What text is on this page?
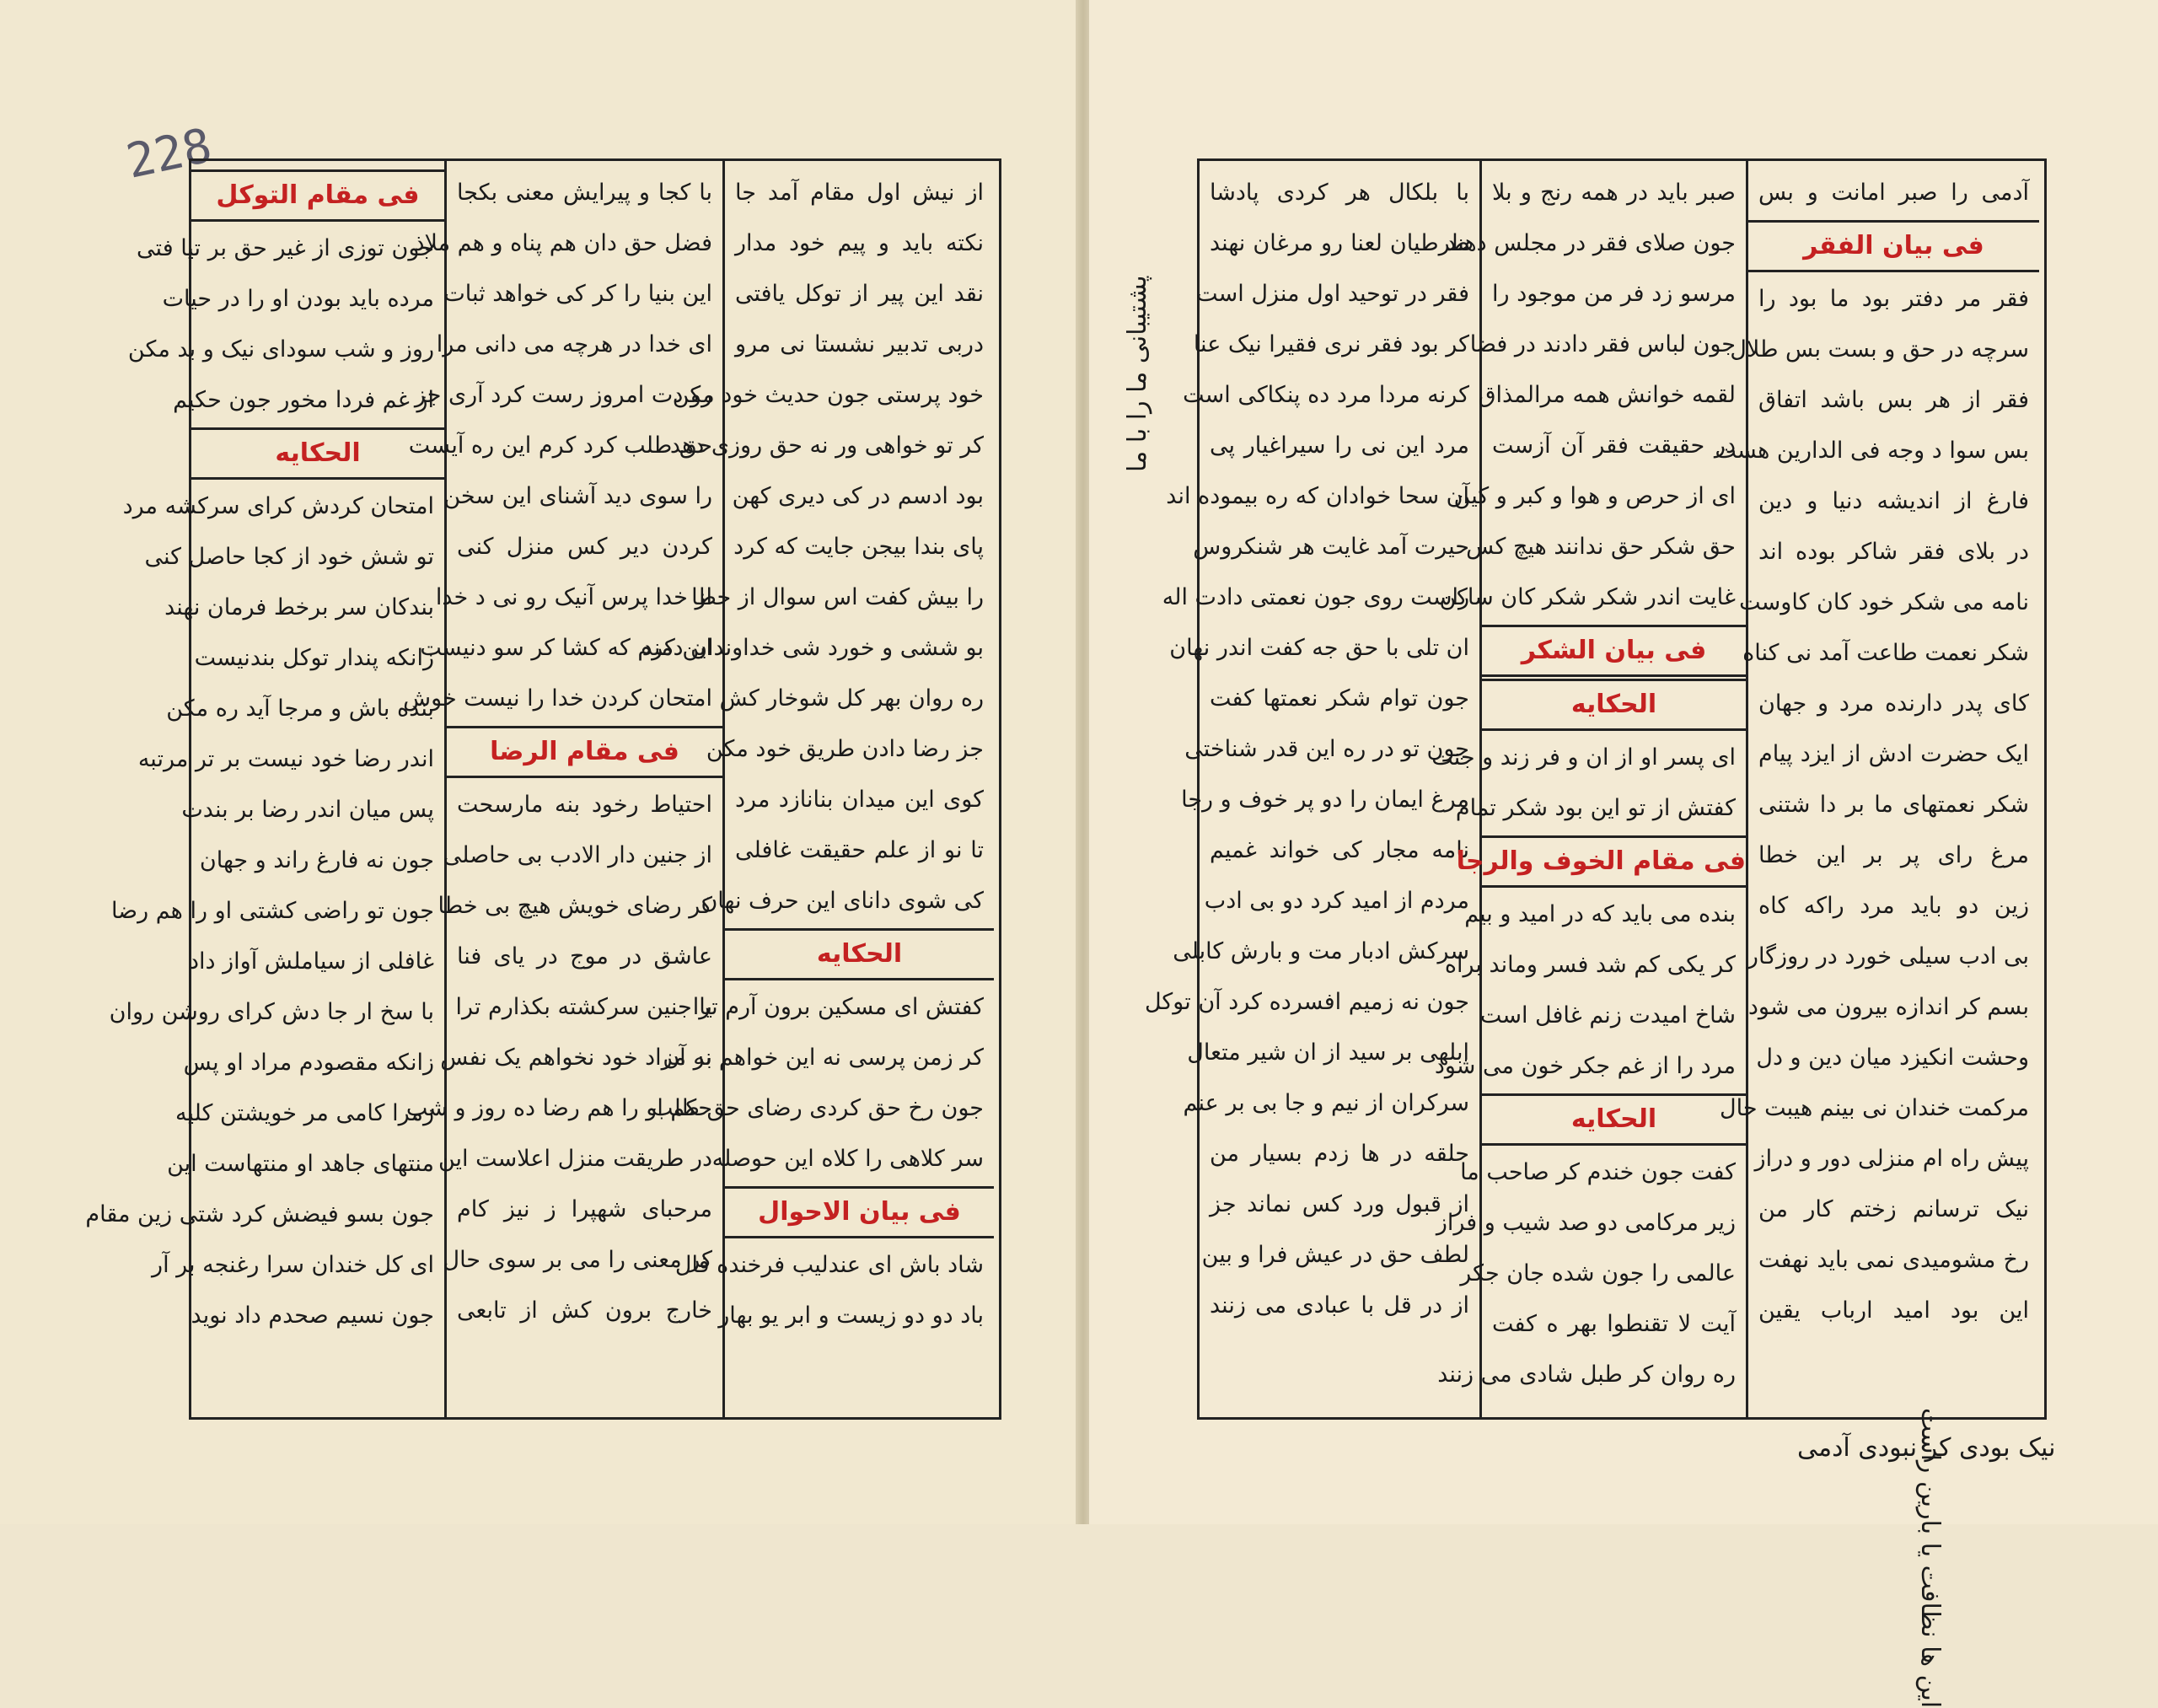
228
فی مقام التوکل
جون توزی از غیر حق بر تیا فتی
مرده باید بودن او را در حیات
روز و شب سودای نیک و بد مکن
از غم فردا مخور جون حکیم
الحکایه
امتحان کردش کرای سرکشه مرد
تو شش خود از کجا حاصل کنی
بندکان سر برخط فرمان نهند
زانکه پندار توکل بندنیست
بنده باش و مرجا آید ره مکن
اندر رضا خود نیست بر تر مرتبه
پس میان اندر رضا بر بندت
جون نه فارغ راند و جهان
جون تو راضی کشتی او را هم رضا
غافلی از سیاملش آواز داد
با سخ ار جا دش کرای روشن روان
زانکه مقصودم مراد او پس
زمرا کامی مر خویشتن کلیه
منتهای جاهد او منتهاست این
جون بسو فیضش کرد شتی زین مقام
ای کل خندان سرا رغنجه بر آر
جون نسیم صحدم داد نوید
با کجا و پیرایش معنی بکجا
فضل حق دان هم پناه و هم ملاذ
این بنیا را کر کی خواهد ثبات
ای خدا در هرچه می دانی مرا
رو دت امروز رست کرد آری جز
حق طلب کرد کرم این ره آیست
را سوی دید آشنای این سخن
کردن دیر کس منزل کنی
از خدا پرس آنیک رو نی د خدا
این کرم که کشا کر سو دنیست
امتحان کردن خدا را نیست خوش
فی مقام الرضا
احتیاط رخود بنه مارسحت
از جنین دار الادب بی حاصلی
کر رضای خویش هیچ بی خطا
عاشق در موج در یای فنا
یا جنین سرکشته بکذارم ترا
بر مراد خود نخواهم یک نفس
حکم او را هم رضا ده روز و شب
در طریقت منزل اعلاست این
مرحبای شهپرا ز نیز کام
کر معنی را می بر سوی حال
خارج برون کش از تابعی
از نیش اول مقام آمد جا
نکته باید و پیم خود مدار
نقد این پیر از توکل یافتی
دربی تدبیر نشستا نی مرو
خود پرستی جون حدیث خود مکن
کر تو خواهی ور نه حق روزی دهد
بود ادسم در کی دیری کهن
پای بندا بیجن جایت که کرد
را بیش کفت اس سوال از خطا
بو ششی و خورد شی خداوندان دمند
ره روان بهر کل شوخار کش
جز رضا دادن طریق خود مکن
کوی این میدان بنانازد مرد
تا نو از علم حقیقت غافلی
کی شوی دانای این حرف نهان
الحکایه
کفتش ای مسکین برون آرم ترا
کر زمن پرسی نه این خواهم نه آن
جون رخ حق کردی رضای حق طلب
سر کلاهی را کلاه این حوصله
فی بیان الاحوال
شاد باش ای عندلیب فرخنده فال
باد دو دو زیست و ابر یو بهار
پشتیبانی ما را با ما
این ها نظافت یا بارین راست
با بلکال هر کردی پادشا
طرطیان لعنا رو مرغان نهند
فقر در توحید اول منزل است
کر بود فقر نری فقیرا نیک عنا
کرنه مردا مرد ده پنکاکی است
مرد این نی را سیراغیار پی
آن سحا خوادان که ره بیموده اند
حیرت آمد غایت هر شنکروس
راست روی جون نعمتی دادت اله
ان تلی با حق جه کفت اندر نهان
جون توام شکر نعمتها کفت
جون تو در ره این قدر شناختی
مرغ ایمان را دو پر خوف و رجا
نامه مجار کی خواند غمیم
مردم از امید کرد دو بی ادب
سرکش ادبار مت و بارش کابلی
جون نه زمیم افسرده کرد آن توکل
ابلهی بر سید از ان شیر متعال
سرکران از نیم و جا بی بر عنم
حلقه در ها زدم بسیار من
از قبول ورد کس نماند جز
لطف حق در عیش فرا و بین
از در قل با عبادی می زنند
صبر باید در همه رنج و بلا
جون صلای فقر در مجلس دهند
مرسو زد فر من موجود را
جون لباس فقر دادند در فضا
لقمه خوانش همه مرالمذاق
در حقیقت فقر آن آزست
ای از حرص و هوا و کبر و کین
حق شکر حق ندانند هیچ کس
غایت اندر شکر شکر کان ساکن
فی بیان الشکر
الحکایه
ای پسر او از ان و فر زند و جنت
کفتش از تو این بود شکر تمام
فی مقام الخوف والرجا
بنده می باید که در امید و بیم
کر یکی کم شد فسر وماند براه
شاخ امیدت زنم غافل است
مرد را از غم جکر خون می شود
الحکایه
کفت جون خندم کر صاحب ما
زیر مرکامی دو صد شیب و فراز
عالمی را جون شده جان جکر
آیت لا تقنطوا بهر ه کفت
ره روان کر طبل شادی می زنند
آدمی را صبر امانت و بس
فی بیان الفقر
فقر مر دفتر بود ما بود را
سرچه در حق و بست بس طلال
فقر از هر بس باشد اتفاق
بس سوا د وجه فی الدارین هست
فارغ از اندیشه دنیا و دین
در بلای فقر شاکر بوده اند
نامه می شکر خود کان کاوست
شکر نعمت طاعت آمد نی کناه
کای پدر دارنده مرد و جهان
ایک حضرت ادش از ایزد پیام
شکر نعمتهای ما بر دا شتنی
مرغ رای پر بر این خطا
زین دو باید مرد راکه کاه
بی ادب سیلی خورد در روزگار
بسم کر اندازه بیرون می شود
وحشت انکیزد میان دین و دل
مرکمت خندان نی بینم هیبت حال
پیش راه ام منزلی دور و دراز
نیک ترسانم زختم کار من
رخ مشومیدی نمی باید نهفت
این بود امید ارباب یقین
نیک بودی کر نبودی آدمی
